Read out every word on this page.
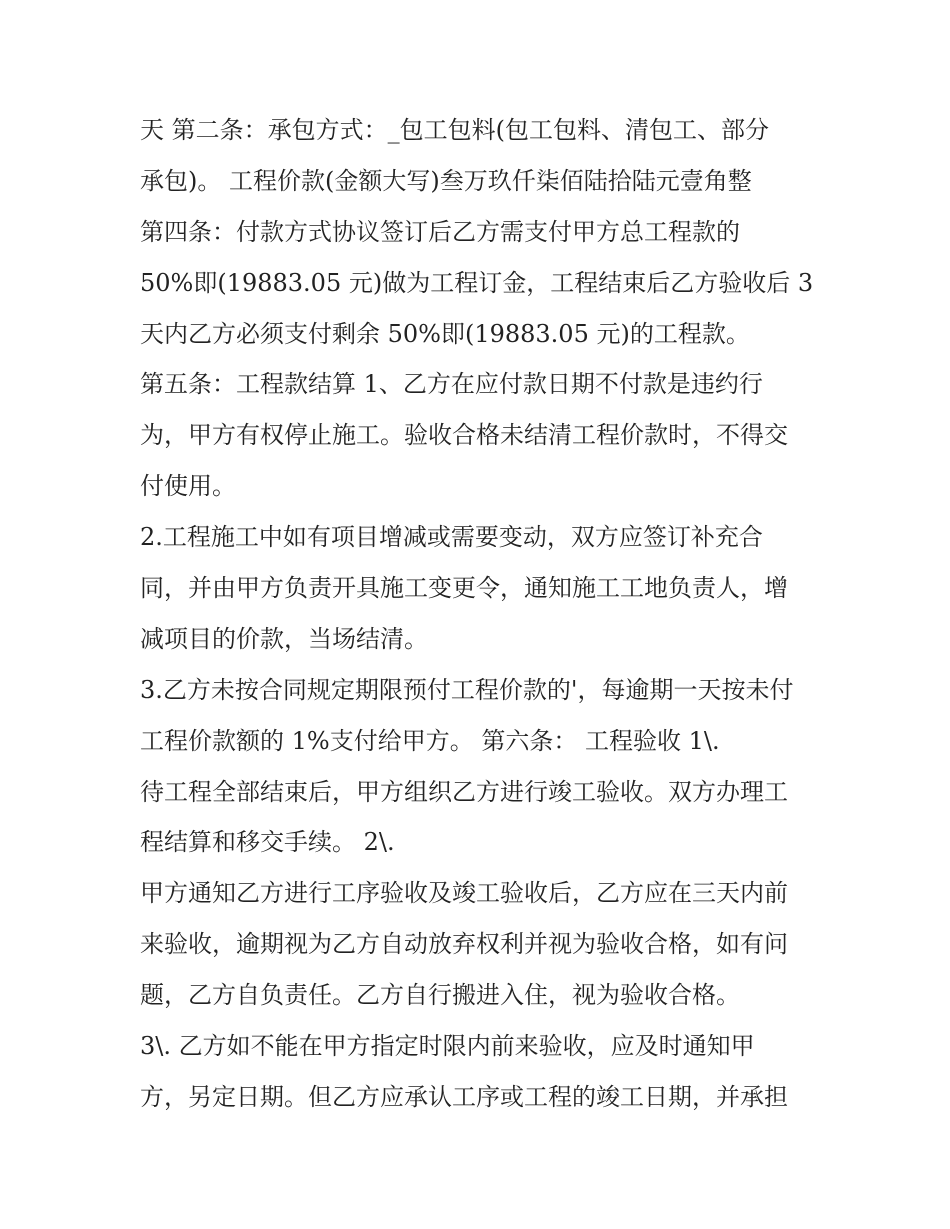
天 第二条：承包方式：_包工包料(包工包料、清包工、部分
承包)。 工程价款(金额大写)叁万玖仟柒佰陆拾陆元壹角整
第四条：付款方式协议签订后乙方需支付甲方总工程款的
50%即(19883.05 元)做为工程订金，工程结束后乙方验收后 3
天内乙方必须支付剩余 50%即(19883.05 元)的工程款。
第五条：工程款结算 1、乙方在应付款日期不付款是违约行
为，甲方有权停止施工。验收合格未结清工程价款时，不得交
付使用。
2.工程施工中如有项目增减或需要变动，双方应签订补充合
同，并由甲方负责开具施工变更令，通知施工工地负责人，增
减项目的价款，当场结清。
3.乙方未按合同规定期限预付工程价款的'，每逾期一天按未付
工程价款额的 1%支付给甲方。 第六条： 工程验收 1\.
待工程全部结束后，甲方组织乙方进行竣工验收。双方办理工
程结算和移交手续。 2\.
甲方通知乙方进行工序验收及竣工验收后，乙方应在三天内前
来验收，逾期视为乙方自动放弃权利并视为验收合格，如有问
题，乙方自负责任。乙方自行搬进入住，视为验收合格。
3\. 乙方如不能在甲方指定时限内前来验收，应及时通知甲
方，另定日期。但乙方应承认工序或工程的竣工日期，并承担
